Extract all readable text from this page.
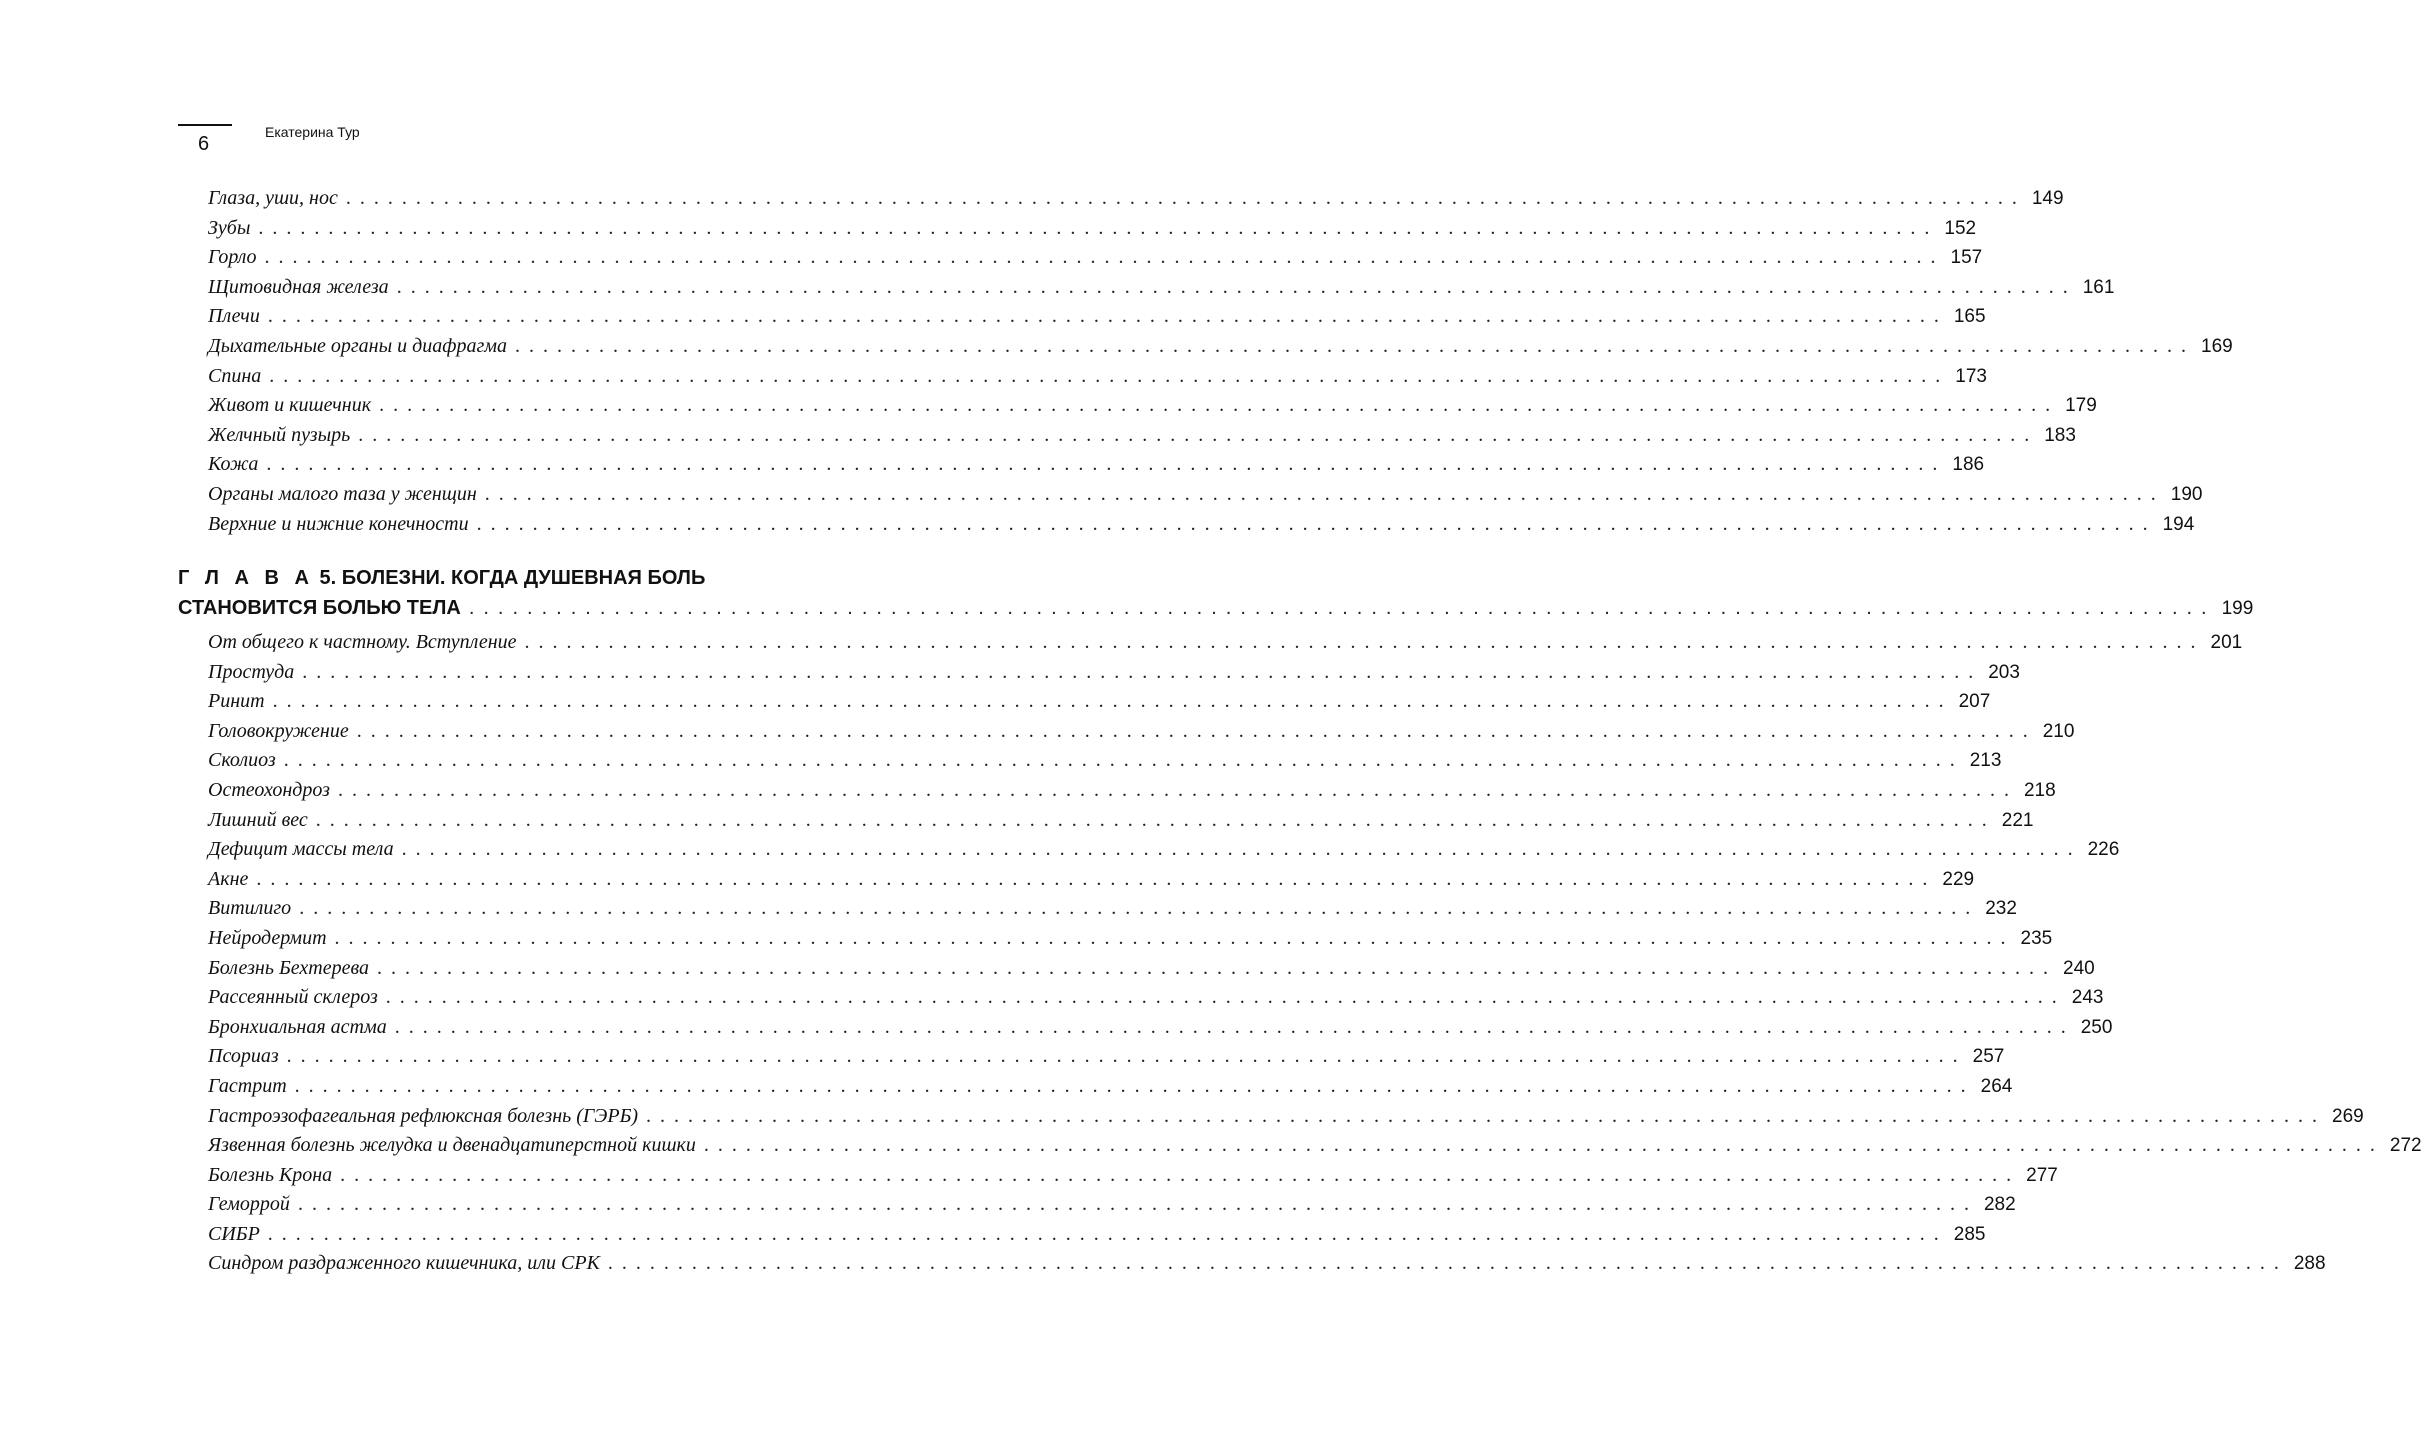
6
Екатерина Тур
Глаза, уши, нос ........................................................................................................................ 149
Зубы ........................................................................................................................ 152
Горло ........................................................................................................................ 157
Щитовидная железа ........................................................................................................................ 161
Плечи ........................................................................................................................ 165
Дыхательные органы и диафрагма ........................................................................................................................ 169
Спина ........................................................................................................................ 173
Живот и кишечник ........................................................................................................................ 179
Желчный пузырь ........................................................................................................................ 183
Кожа ........................................................................................................................ 186
Органы малого таза у женщин ........................................................................................................................ 190
Верхние и нижние конечности ........................................................................................................................ 194
Г Л А В А 5. БОЛЕЗНИ. КОГДА ДУШЕВНАЯ БОЛЬ
СТАНОВИТСЯ БОЛЬЮ ТЕЛА ........................................................................................................................ 199
От общего к частному. Вступление ........................................................................................................................ 201
Простуда ........................................................................................................................ 203
Ринит ........................................................................................................................ 207
Головокружение ........................................................................................................................ 210
Сколиоз ........................................................................................................................ 213
Остеохондроз ........................................................................................................................ 218
Лишний вес ........................................................................................................................ 221
Дефицит массы тела ........................................................................................................................ 226
Акне ........................................................................................................................ 229
Витилиго ........................................................................................................................ 232
Нейродермит ........................................................................................................................ 235
Болезнь Бехтерева ........................................................................................................................ 240
Рассеянный склероз ........................................................................................................................ 243
Бронхиальная астма ........................................................................................................................ 250
Псориаз ........................................................................................................................ 257
Гастрит ........................................................................................................................ 264
Гастроэзофагеальная рефлюксная болезнь (ГЭРБ) ........................................................................................................................ 269
Язвенная болезнь желудка и двенадцатиперстной кишки ........................................................................................................................ 272
Болезнь Крона ........................................................................................................................ 277
Геморрой ........................................................................................................................ 282
СИБР ........................................................................................................................ 285
Синдром раздраженного кишечника, или СРК ........................................................................................................................ 288
